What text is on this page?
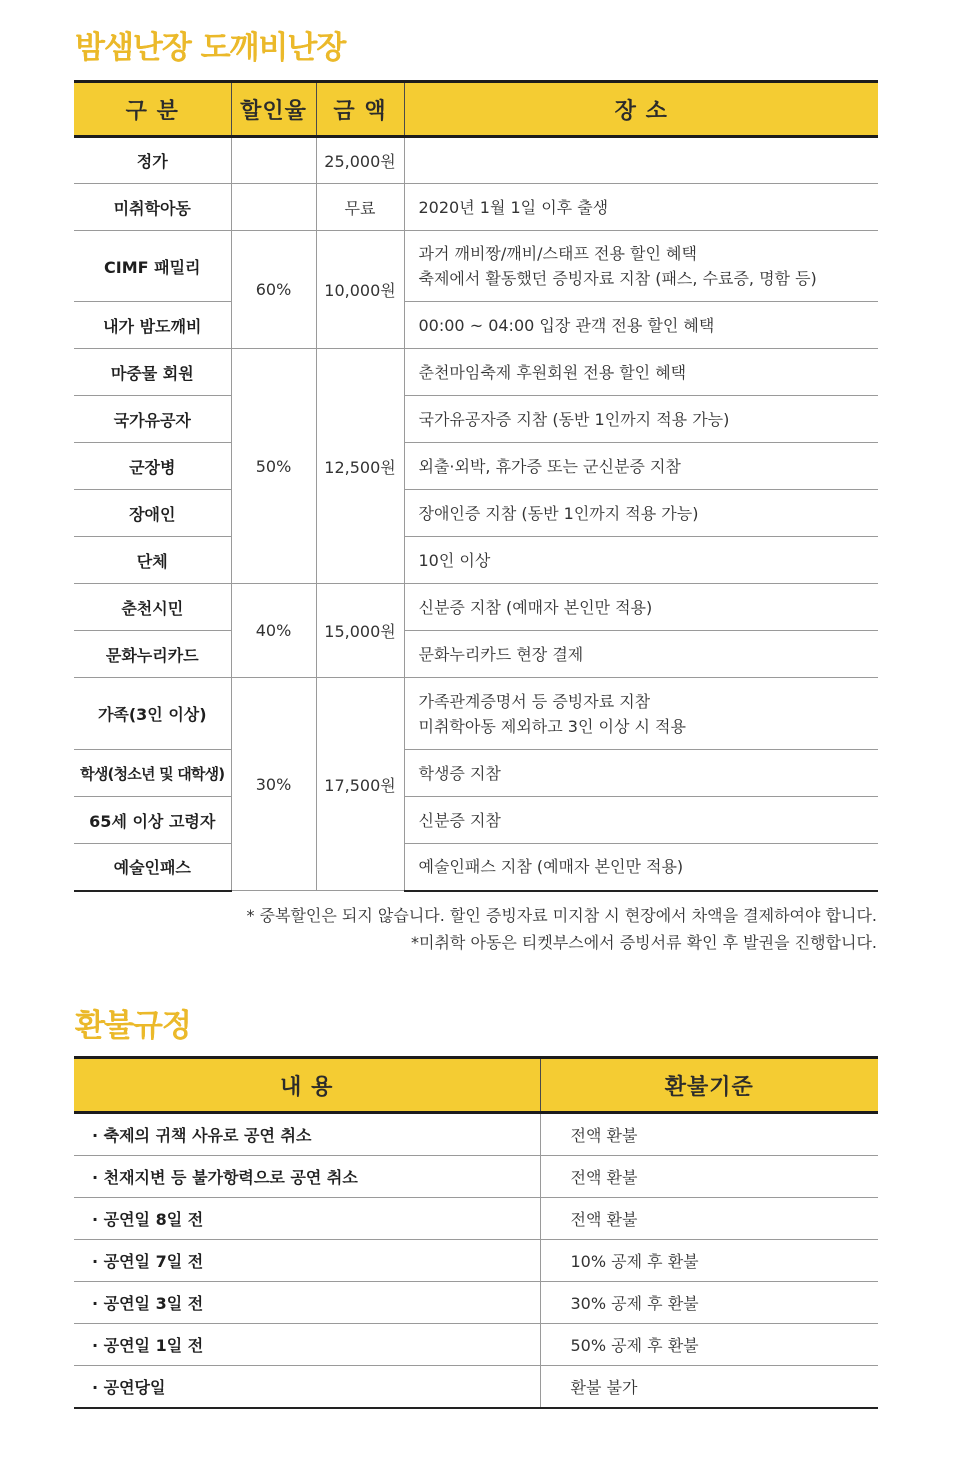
밤샘난장 도깨비난장
구 분	할인율	금 액	장 소
정가		25,000원	
미취학아동		무료	2020년 1월 1일 이후 출생
CIMF 패밀리	60%	10,000원	과거 깨비짱/깨비/스태프 전용 할인 혜택
축제에서 활동했던 증빙자료 지참 (패스, 수료증, 명함 등)

내가 밤도깨비			00:00 ~ 04:00 입장 관객 전용 할인 혜택
마중물 회원	50%	12,500원	춘천마임축제 후원회원 전용 할인 혜택
국가유공자			국가유공자증 지참 (동반 1인까지 적용 가능)
군장병			외출·외박, 휴가증 또는 군신분증 지참
장애인			장애인증 지참 (동반 1인까지 적용 가능)
단체			10인 이상
춘천시민	40%	15,000원	신분증 지참 (예매자 본인만 적용)
문화누리카드			문화누리카드 현장 결제
가족(3인 이상)	30%	17,500원	가족관계증명서 등 증빙자료 지참
미취학아동 제외하고 3인 이상 시 적용

학생(청소년 및 대학생)			학생증 지참
65세 이상 고령자			신분증 지참
예술인패스			예술인패스 지참 (예매자 본인만 적용)
* 중복할인은 되지 않습니다. 할인 증빙자료 미지참 시 현장에서 차액을 결제하여야 합니다.
*미취학 아동은 티켓부스에서 증빙서류 확인 후 발권을 진행합니다.
환불규정
내 용	환불기준
· 축제의 귀책 사유로 공연 취소	전액 환불
· 천재지변 등 불가항력으로 공연 취소	전액 환불
· 공연일 8일 전	전액 환불
· 공연일 7일 전	10% 공제 후 환불
· 공연일 3일 전	30% 공제 후 환불
· 공연일 1일 전	50% 공제 후 환불
· 공연당일	환불 불가
